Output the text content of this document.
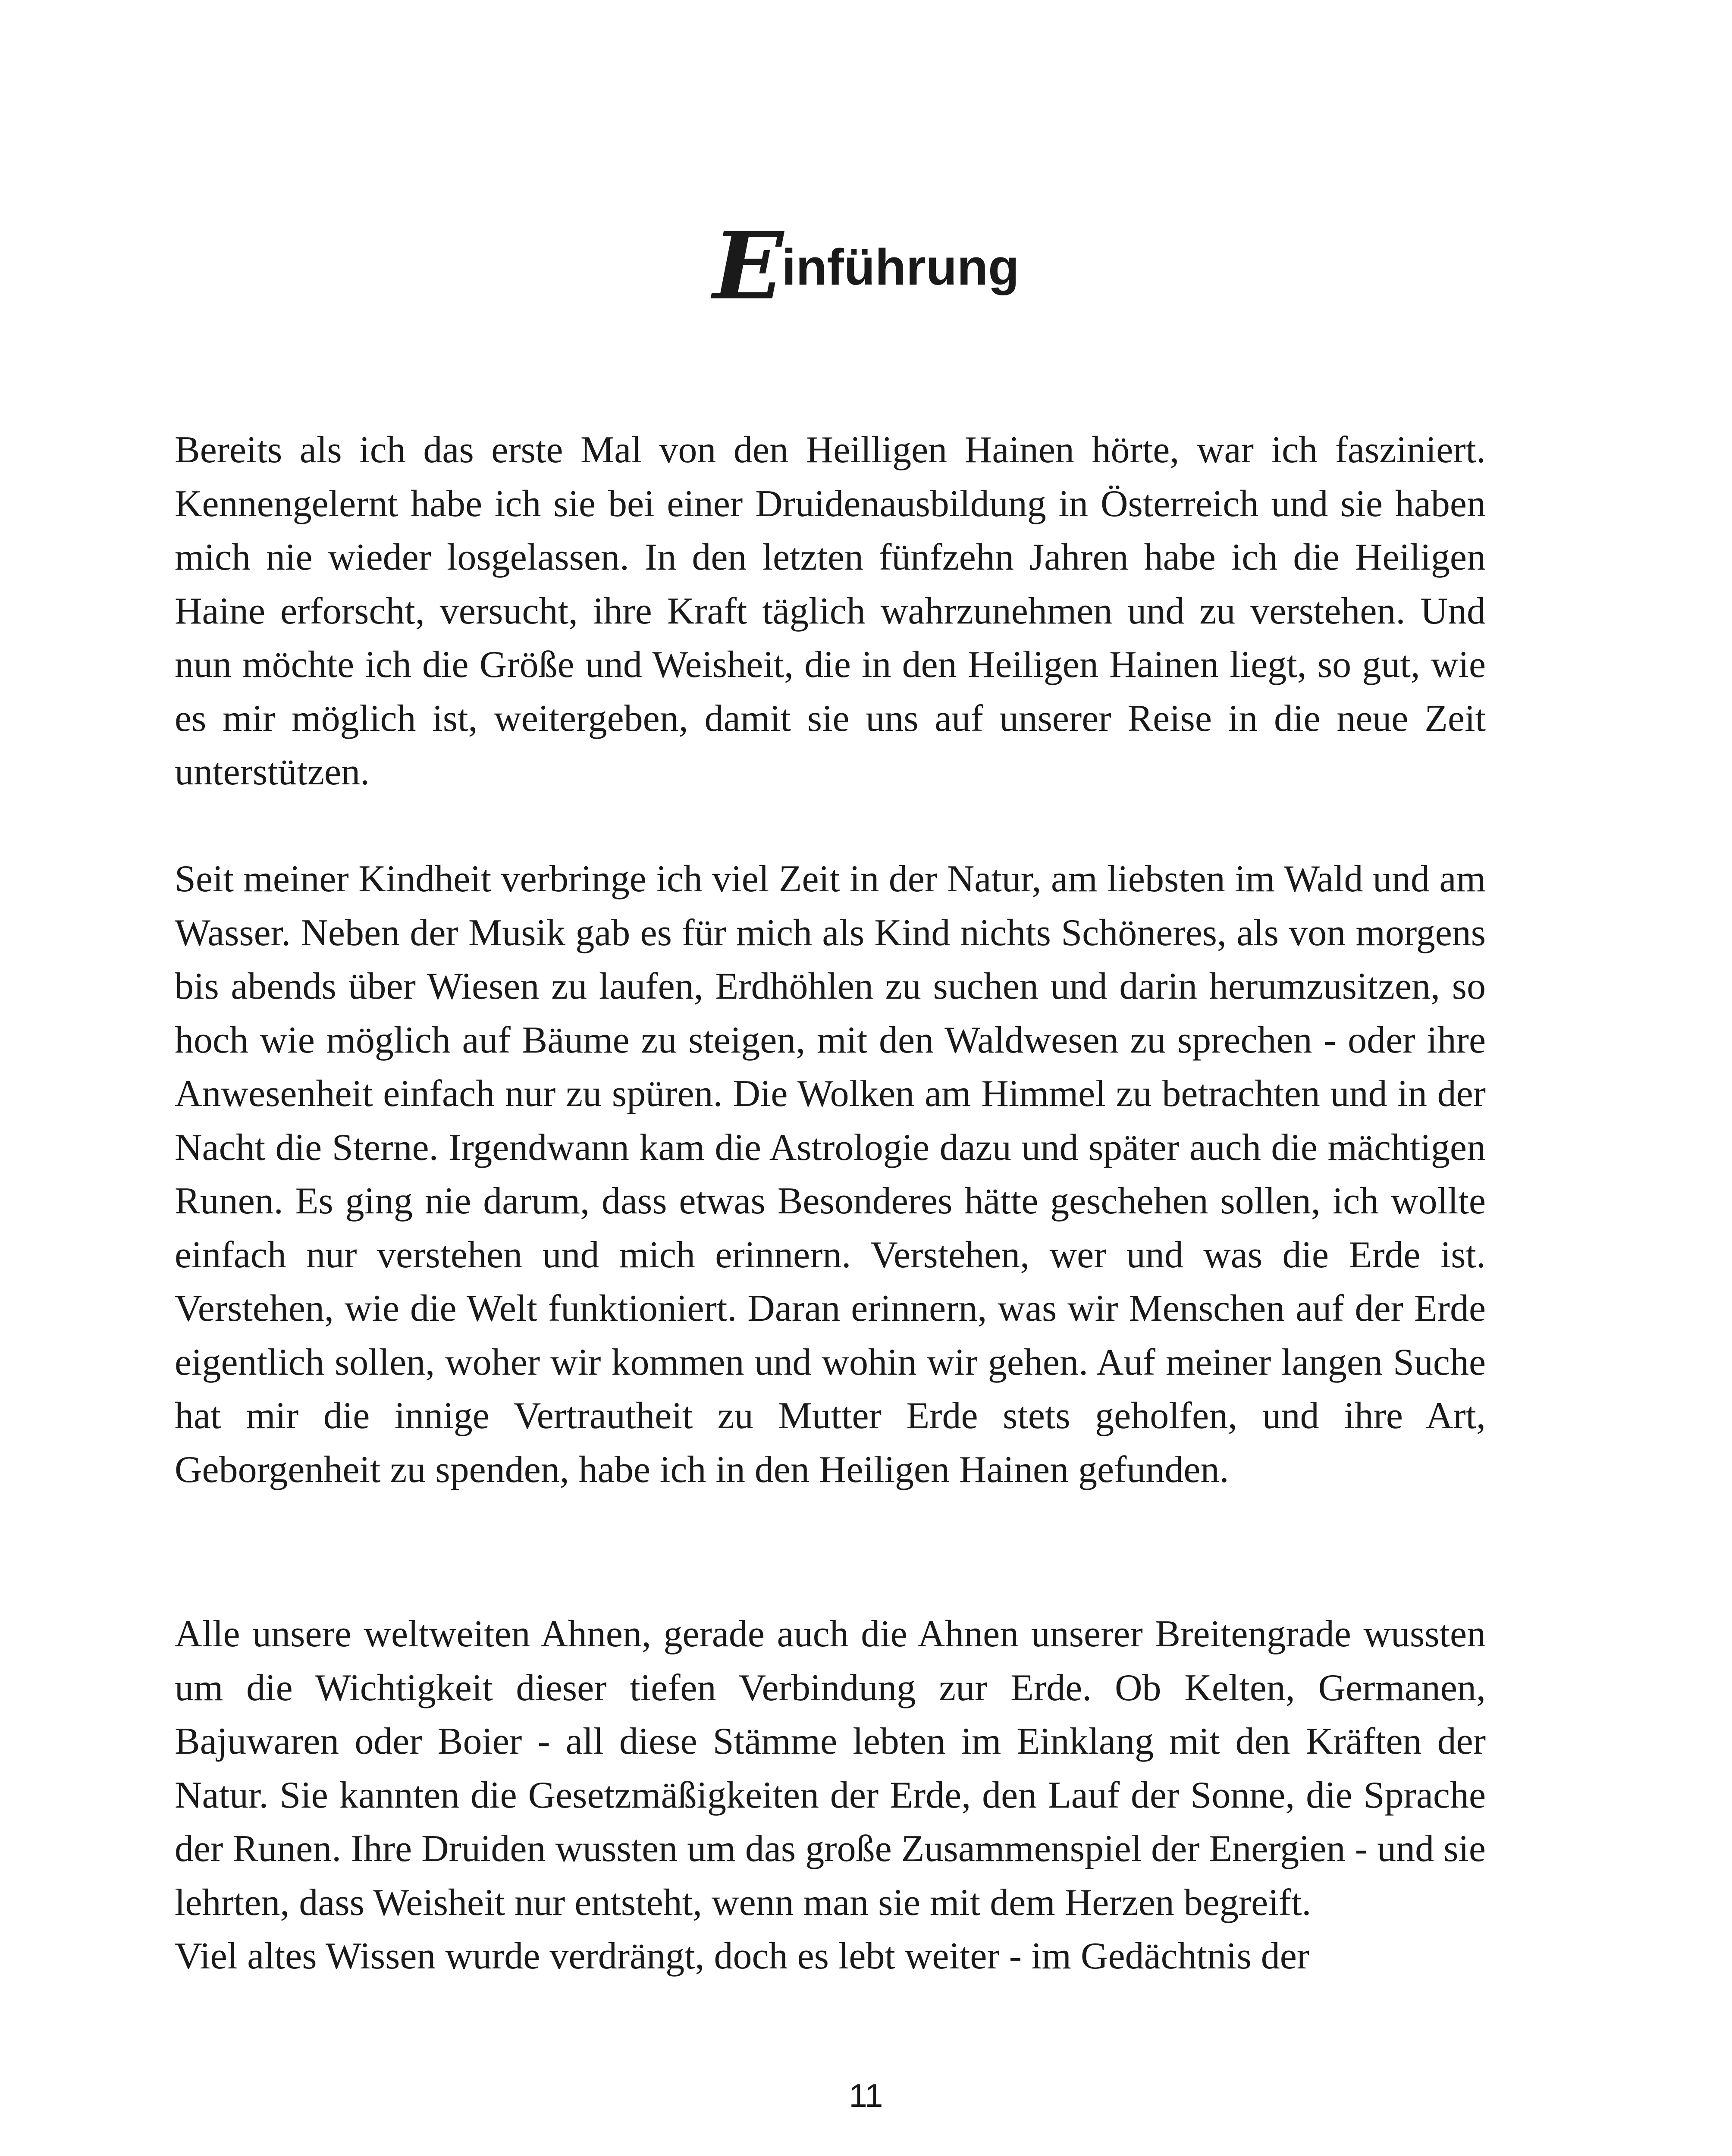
Einführung

Bereits als ich das erste Mal von den Heilligen Hainen hörte, war ich fasziniert. Kennengelernt habe ich sie bei einer Druidenausbildung in Österreich und sie haben mich nie wieder losgelassen. In den letzten fünfzehn Jahren habe ich die Heiligen Haine erforscht, versucht, ihre Kraft täglich wahrzunehmen und zu verstehen. Und nun möchte ich die Größe und Weisheit, die in den Heiligen Hainen liegt, so gut, wie es mir möglich ist, weitergeben, damit sie uns auf unserer Reise in die neue Zeit unterstützen.

Seit meiner Kindheit verbringe ich viel Zeit in der Natur, am liebsten im Wald und am Wasser. Neben der Musik gab es für mich als Kind nichts Schöneres, als von morgens bis abends über Wiesen zu laufen, Erdhöhlen zu suchen und darin herumzusitzen, so hoch wie möglich auf Bäume zu steigen, mit den Waldwesen zu sprechen - oder ihre Anwesenheit einfach nur zu spüren. Die Wolken am Himmel zu betrachten und in der Nacht die Sterne. Irgendwann kam die Astrologie dazu und später auch die mächtigen Runen. Es ging nie darum, dass etwas Besonderes hätte geschehen sollen, ich wollte einfach nur verstehen und mich erinnern. Verstehen, wer und was die Erde ist. Verstehen, wie die Welt funktioniert. Daran erinnern, was wir Menschen auf der Erde eigentlich sollen, woher wir kommen und wohin wir gehen. Auf meiner langen Suche hat mir die innige Vertrautheit zu Mutter Erde stets geholfen, und ihre Art, Geborgenheit zu spenden, habe ich in den Heiligen Hainen gefunden.

Alle unsere weltweiten Ahnen, gerade auch die Ahnen unserer Breitengrade wussten um die Wichtigkeit dieser tiefen Verbindung zur Erde. Ob Kelten, Germanen, Bajuwaren oder Boier - all diese Stämme lebten im Einklang mit den Kräften der Natur. Sie kannten die Gesetzmäßigkeiten der Erde, den Lauf der Sonne, die Sprache der Runen. Ihre Druiden wussten um das große Zusammenspiel der Energien - und sie lehrten, dass Weisheit nur entsteht, wenn man sie mit dem Herzen begreift.

Viel altes Wissen wurde verdrängt, doch es lebt weiter - im Gedächtnis der

11
